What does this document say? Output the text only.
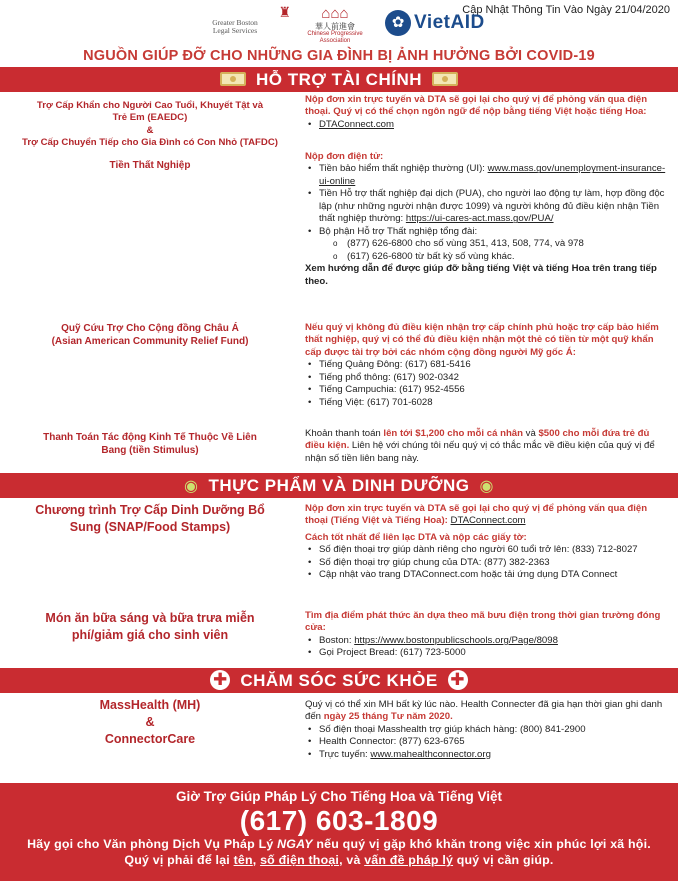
Cập Nhật Thông Tin Vào Ngày 21/04/2020
♜
Greater Boston
Legal Services
⌂⌂⌂
華人前進會
Chinese Progressive
Association
✿ VietAID
NGUỒN GIÚP ĐỠ CHO NHỮNG GIA ĐÌNH BỊ ẢNH HƯỞNG BỞI COVID-19
HỖ TRỢ TÀI CHÍNH
Trợ Cấp Khẩn cho Người Cao Tuổi, Khuyết Tật và Trẻ Em (EAEDC)
&
Trợ Cấp Chuyển Tiếp cho Gia Đình có Con Nhỏ (TAFDC)
Nộp đơn xin trực tuyến và DTA sẽ gọi lại cho quý vị để phỏng vấn qua điện thoại. Quý vị có thể chọn ngôn ngữ để nộp bằng tiếng Việt hoặc tiếng Hoa:
• DTAConnect.com
Tiền Thất Nghiệp
Nộp đơn điện tử:
• Tiền bảo hiểm thất nghiệp thường (UI): www.mass.gov/unemployment-insurance-ui-online
• Tiền Hỗ trợ thất nghiệp đại dịch (PUA), cho người lao động tự làm, hợp đồng độc lập (như những người nhận được 1099) và người không đủ điều kiện nhận Tiền thất nghiệp thường: https://ui-cares-act.mass.gov/PUA/
• Bộ phận Hỗ trợ Thất nghiệp tổng đài:
o (877) 626-6800 cho số vùng 351, 413, 508, 774, và 978
o (617) 626-6800 từ bất kỳ số vùng khác.
Xem hướng dẫn để được giúp đỡ bằng tiếng Việt và tiếng Hoa trên trang tiếp theo.
Quỹ Cứu Trợ Cho Cộng đồng Châu Á
(Asian American Community Relief Fund)
Nếu quý vị không đủ điều kiện nhận trợ cấp chính phủ hoặc trợ cấp bảo hiểm thất nghiệp, quý vị có thể đủ điều kiện nhận một thẻ có tiền từ một quỹ khẩn cấp được tài trợ bởi các nhóm cộng đồng người Mỹ gốc Á:
• Tiếng Quảng Đông: (617) 681-5416
• Tiếng phổ thông: (617) 902-0342
• Tiếng Campuchia: (617) 952-4556
• Tiếng Việt: (617) 701-6028
Thanh Toán Tác động Kinh Tế Thuộc Về Liên Bang (tiền Stimulus)
Khoản thanh toán lên tới $1,200 cho mỗi cá nhân và $500 cho mỗi đứa trẻ đủ điều kiện. Liên hệ với chúng tôi nếu quý vị có thắc mắc về điều kiện của quý vị để nhận số tiền liên bang này.
◉ THỰC PHẨM VÀ DINH DƯỠNG ◉
Chương trình Trợ Cấp Dinh Dưỡng Bổ Sung (SNAP/Food Stamps)
Nộp đơn xin trực tuyến và DTA sẽ gọi lại cho quý vị để phỏng vấn qua điện thoại (Tiếng Việt và Tiếng Hoa): DTAConnect.com
Cách tốt nhất để liên lạc DTA và nộp các giấy tờ:
• Số điện thoại trợ giúp dành riêng cho người 60 tuổi trở lên: (833) 712-8027
• Số điện thoại trợ giúp chung của DTA: (877) 382-2363
• Cập nhật vào trang DTAConnect.com hoặc tải ứng dụng DTA Connect
Món ăn bữa sáng và bữa trưa miễn phí/giảm giá cho sinh viên
Tìm địa điểm phát thức ăn dựa theo mã bưu điện trong thời gian trường đóng cửa:
• Boston: https://www.bostonpublicschools.org/Page/8098
• Gọi Project Bread: (617) 723-5000
✚ CHĂM SÓC SỨC KHỎE ✚
MassHealth (MH)
&
ConnectorCare
Quý vị có thể xin MH bất kỳ lúc nào. Health Connecter đã gia hạn thời gian ghi danh đến ngày 25 tháng Tư năm 2020.
• Số điện thoại Masshealth trợ giúp khách hàng: (800) 841-2900
• Health Connector: (877) 623-6765
• Trực tuyến: www.mahealthconnector.org
Giờ Trợ Giúp Pháp Lý Cho Tiếng Hoa và Tiếng Việt
(617) 603-1809
Hãy gọi cho Văn phòng Dịch Vụ Pháp Lý NGAY nếu quý vị gặp khó khăn trong việc xin phúc lợi xã hội. Quý vị phải để lại tên, số điện thoại, và vấn đề pháp lý quý vị cần giúp.
